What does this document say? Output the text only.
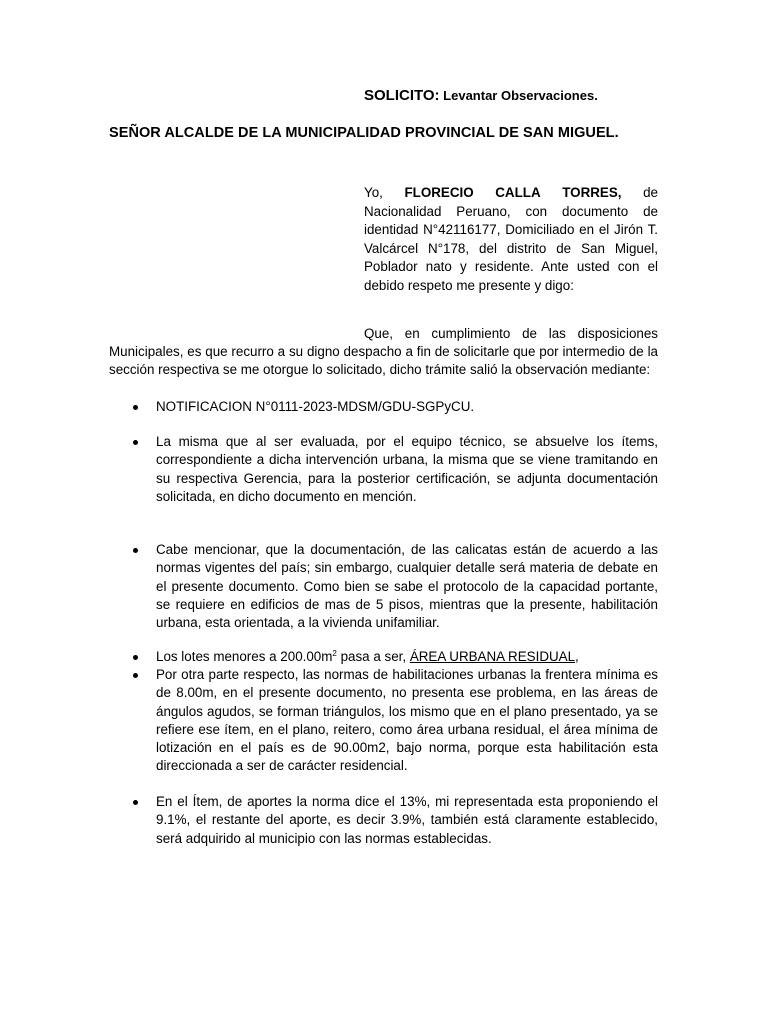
SOLICITO: Levantar Observaciones.
SEÑOR ALCALDE DE LA MUNICIPALIDAD PROVINCIAL DE SAN MIGUEL.
Yo, FLORECIO CALLA TORRES, de
Nacionalidad Peruano, con documento de identidad N°42116177, Domiciliado en el Jirón T. Valcárcel N°178, del distrito de San Miguel, Poblador nato y residente. Ante usted con el debido respeto me presente y digo:
Que, en cumplimiento de las disposiciones Municipales, es que recurro a su digno despacho a fin de solicitarle que por intermedio de la sección respectiva se me otorgue lo solicitado, dicho trámite salió la observación mediante:
NOTIFICACION N°0111-2023-MDSM/GDU-SGPyCU.
La misma que al ser evaluada, por el equipo técnico, se absuelve los ítems, correspondiente a dicha intervención urbana, la misma que se viene tramitando en su respectiva Gerencia, para la posterior certificación, se adjunta documentación solicitada, en dicho documento en mención.
Cabe mencionar, que la documentación, de las calicatas están de acuerdo a las normas vigentes del país; sin embargo, cualquier detalle será materia de debate en el presente documento. Como bien se sabe el protocolo de la capacidad portante, se requiere en edificios de mas de 5 pisos, mientras que la presente, habilitación urbana, esta orientada, a la vivienda unifamiliar.
Los lotes menores a $200.00m^2$ pasa a ser, ÁREA URBANA RESIDUAL,
Por otra parte respecto, las normas de habilitaciones urbanas la frentera mínima es de 8.00m, en el presente documento, no presenta ese problema, en las áreas de ángulos agudos, se forman triángulos, los mismo que en el plano presentado, ya se refiere ese ítem, en el plano, reitero, como área urbana residual, el área mínima de lotización en el país es de 90.00m2, bajo norma, porque esta habilitación esta direccionada a ser de carácter residencial.
En el Ítem, de aportes la norma dice el 13%, mi representada esta proponiendo el 9.1%, el restante del aporte, es decir 3.9%, también está claramente establecido, será adquirido al municipio con las normas establecidas.
